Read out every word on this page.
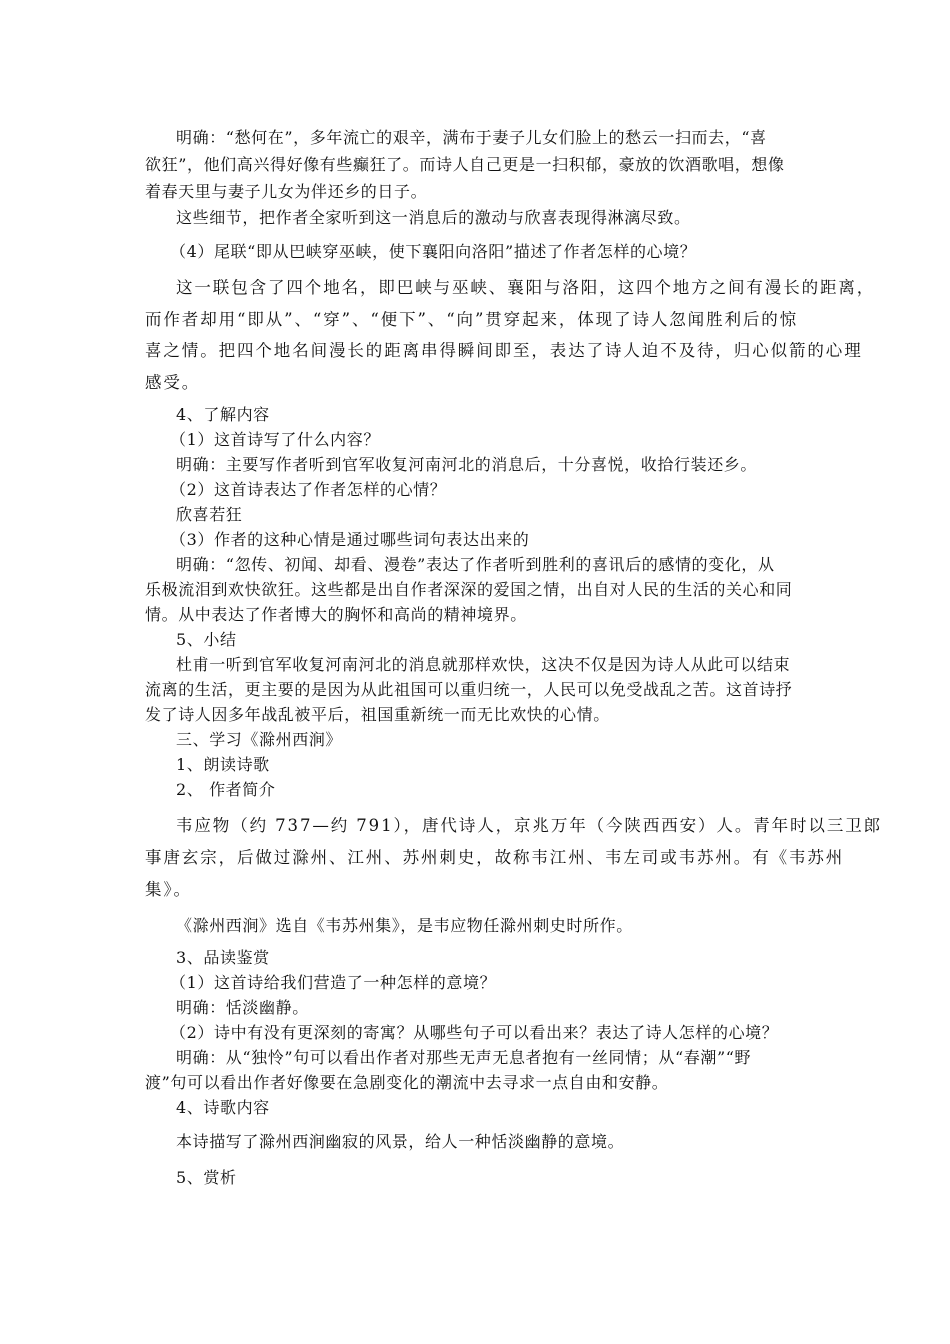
明确：“愁何在”，多年流亡的艰辛，满布于妻子儿女们脸上的愁云一扫而去，“喜
欲狂”，他们高兴得好像有些癫狂了。而诗人自己更是一扫积郁，豪放的饮酒歌唱，想像
着春天里与妻子儿女为伴还乡的日子。
这些细节，把作者全家听到这一消息后的激动与欣喜表现得淋漓尽致。
（4）尾联“即从巴峡穿巫峡，使下襄阳向洛阳”描述了作者怎样的心境？
这一联包含了四个地名，即巴峡与巫峡、襄阳与洛阳，这四个地方之间有漫长的距离，
而作者却用“即从”、“穿”、“便下”、“向”贯穿起来，体现了诗人忽闻胜利后的惊
喜之情。把四个地名间漫长的距离串得瞬间即至，表达了诗人迫不及待，归心似箭的心理
感受。
4、了解内容
（1）这首诗写了什么内容？
明确：主要写作者听到官军收复河南河北的消息后，十分喜悦，收拾行装还乡。
（2）这首诗表达了作者怎样的心情？
欣喜若狂
（3）作者的这种心情是通过哪些词句表达出来的
明确：“忽传、初闻、却看、漫卷”表达了作者听到胜利的喜讯后的感情的变化，从
乐极流泪到欢快欲狂。这些都是出自作者深深的爱国之情，出自对人民的生活的关心和同
情。从中表达了作者博大的胸怀和高尚的精神境界。
5、小结
杜甫一听到官军收复河南河北的消息就那样欢快，这决不仅是因为诗人从此可以结束
流离的生活，更主要的是因为从此祖国可以重归统一，人民可以免受战乱之苦。这首诗抒
发了诗人因多年战乱被平后，祖国重新统一而无比欢快的心情。
三、学习《滁州西涧》
1、朗读诗歌
2、 作者简介
韦应物（约 737—约 791），唐代诗人，京兆万年（今陕西西安）人。青年时以三卫郎
事唐玄宗，后做过滁州、江州、苏州刺史，故称韦江州、韦左司或韦苏州。有《韦苏州
集》。
《滁州西涧》选自《韦苏州集》，是韦应物任滁州刺史时所作。
3、品读鉴赏
（1）这首诗给我们营造了一种怎样的意境？
明确：恬淡幽静。
（2）诗中有没有更深刻的寄寓？从哪些句子可以看出来？表达了诗人怎样的心境？
明确：从“独怜”句可以看出作者对那些无声无息者抱有一丝同情；从“春潮”“野
渡”句可以看出作者好像要在急剧变化的潮流中去寻求一点自由和安静。
4、诗歌内容
本诗描写了滁州西涧幽寂的风景，给人一种恬淡幽静的意境。
5、赏析
